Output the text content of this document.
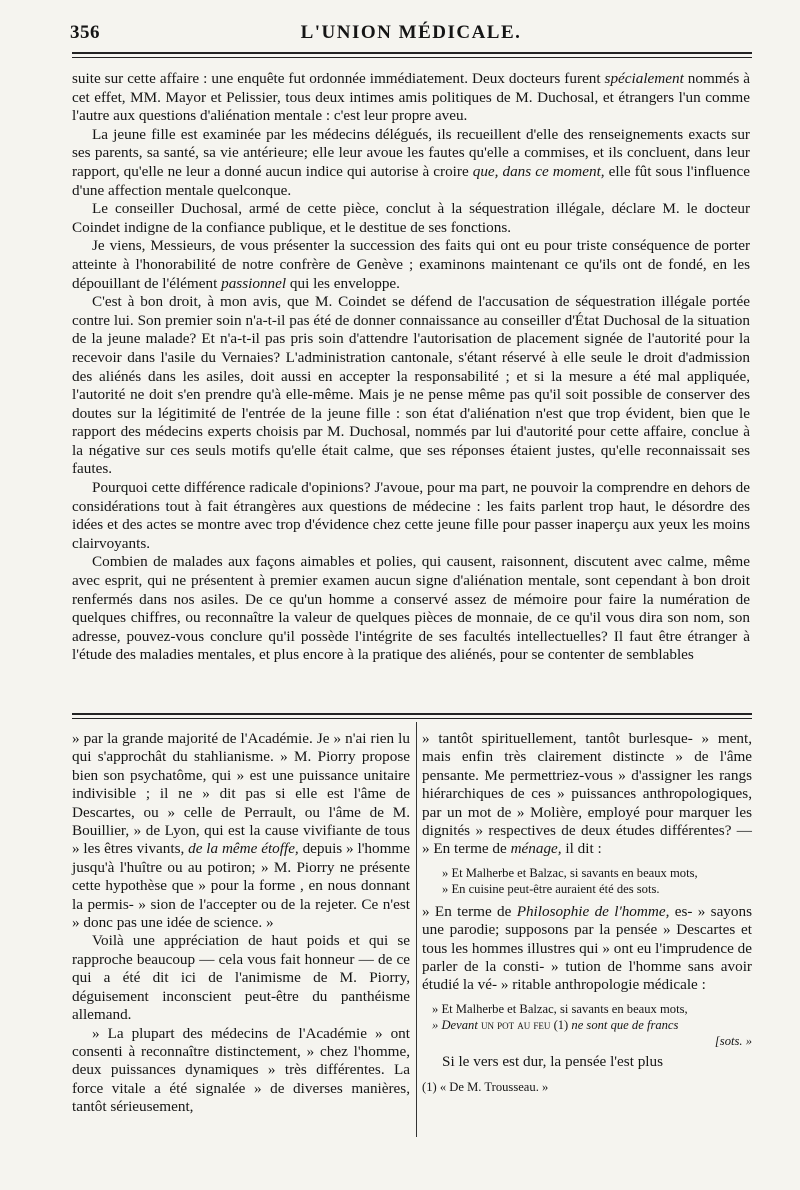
356	L'UNION MÉDICALE.

suite sur cette affaire : une enquête fut ordonnée immédiatement. Deux docteurs furent spécialement nommés à cet effet, MM. Mayor et Pelissier, tous deux intimes amis politiques de M. Duchosal, et étrangers l'un comme l'autre aux questions d'aliénation mentale : c'est leur propre aveu.

La jeune fille est examinée par les médecins délégués, ils recueillent d'elle des renseignements exacts sur ses parents, sa santé, sa vie antérieure; elle leur avoue les fautes qu'elle a commises, et ils concluent, dans leur rapport, qu'elle ne leur a donné aucun indice qui autorise à croire que, dans ce moment, elle fût sous l'influence d'une affection mentale quelconque.

Le conseiller Duchosal, armé de cette pièce, conclut à la séquestration illégale, déclare M. le docteur Coindet indigne de la confiance publique, et le destitue de ses fonctions.

Je viens, Messieurs, de vous présenter la succession des faits qui ont eu pour triste conséquence de porter atteinte à l'honorabilité de notre confrère de Genève ; examinons maintenant ce qu'ils ont de fondé, en les dépouillant de l'élément passionnel qui les enveloppe.

C'est à bon droit, à mon avis, que M. Coindet se défend de l'accusation de séquestration illégale portée contre lui. Son premier soin n'a-t-il pas été de donner connaissance au conseiller d'État Duchosal de la situation de la jeune malade? Et n'a-t-il pas pris soin d'attendre l'autorisation de placement signée de l'autorité pour la recevoir dans l'asile du Vernaies? L'administration cantonale, s'étant réservé à elle seule le droit d'admission des aliénés dans les asiles, doit aussi en accepter la responsabilité ; et si la mesure a été mal appliquée, l'autorité ne doit s'en prendre qu'à elle-même. Mais je ne pense même pas qu'il soit possible de conserver des doutes sur la légitimité de l'entrée de la jeune fille : son état d'aliénation n'est que trop évident, bien que le rapport des médecins experts choisis par M. Duchosal, nommés par lui d'autorité pour cette affaire, conclue à la négative sur ces seuls motifs qu'elle était calme, que ses réponses étaient justes, qu'elle reconnaissait ses fautes.

Pourquoi cette différence radicale d'opinions? J'avoue, pour ma part, ne pouvoir la comprendre en dehors de considérations tout à fait étrangères aux questions de médecine : les faits parlent trop haut, le désordre des idées et des actes se montre avec trop d'évidence chez cette jeune fille pour passer inaperçu aux yeux les moins clairvoyants.

Combien de malades aux façons aimables et polies, qui causent, raisonnent, discutent avec calme, même avec esprit, qui ne présentent à premier examen aucun signe d'aliénation mentale, sont cependant à bon droit renfermés dans nos asiles. De ce qu'un homme a conservé assez de mémoire pour faire la numération de quelques chiffres, ou reconnaître la valeur de quelques pièces de monnaie, de ce qu'il vous dira son nom, son adresse, pouvez-vous conclure qu'il possède l'intégrite de ses facultés intellectuelles? Il faut être étranger à l'étude des maladies mentales, et plus encore à la pratique des aliénés, pour se contenter de semblables

» par la grande majorité de l'Académie. Je » n'ai rien lu qui s'approchât du stahlianisme. » M. Piorry propose bien son psychatôme, qui » est une puissance unitaire indivisible ; il ne » dit pas si elle est l'âme de Descartes, ou » celle de Perrault, ou l'âme de M. Bouillier, » de Lyon, qui est la cause vivifiante de tous » les êtres vivants, de la même étoffe, depuis » l'homme jusqu'à l'huître ou au potiron; » M. Piorry ne présente cette hypothèse que » pour la forme , en nous donnant la permis- » sion de l'accepter ou de la rejeter. Ce n'est » donc pas une idée de science. »

Voilà une appréciation de haut poids et qui se rapproche beaucoup — cela vous fait honneur — de ce qui a été dit ici de l'animisme de M. Piorry, déguisement inconscient peut-être du panthéisme allemand.

» La plupart des médecins de l'Académie » ont consenti à reconnaître distinctement, » chez l'homme, deux puissances dynamiques » très différentes. La force vitale a été signalée » de diverses manières, tantôt sérieusement,

» tantôt spirituellement, tantôt burlesque- » ment, mais enfin très clairement distincte » de l'âme pensante. Me permettriez-vous » d'assigner les rangs hiérarchiques de ces » puissances anthropologiques, par un mot de » Molière, employé pour marquer les dignités » respectives de deux études différentes? — » En terme de ménage, il dit :

» Et Malherbe et Balzac, si savants en beaux mots,
» En cuisine peut-être auraient été des sots.

» En terme de Philosophie de l'homme, es- » sayons une parodie; supposons par la pensée » Descartes et tous les hommes illustres qui » ont eu l'imprudence de parler de la consti- » tution de l'homme sans avoir étudié la vé- » ritable anthropologie médicale :

» Et Malherbe et Balzac, si savants en beaux mots,
» Devant un pot au feu (1) ne sont que de francs
[sots. »

Si le vers est dur, la pensée l'est plus

(1) « De M. Trousseau. »
